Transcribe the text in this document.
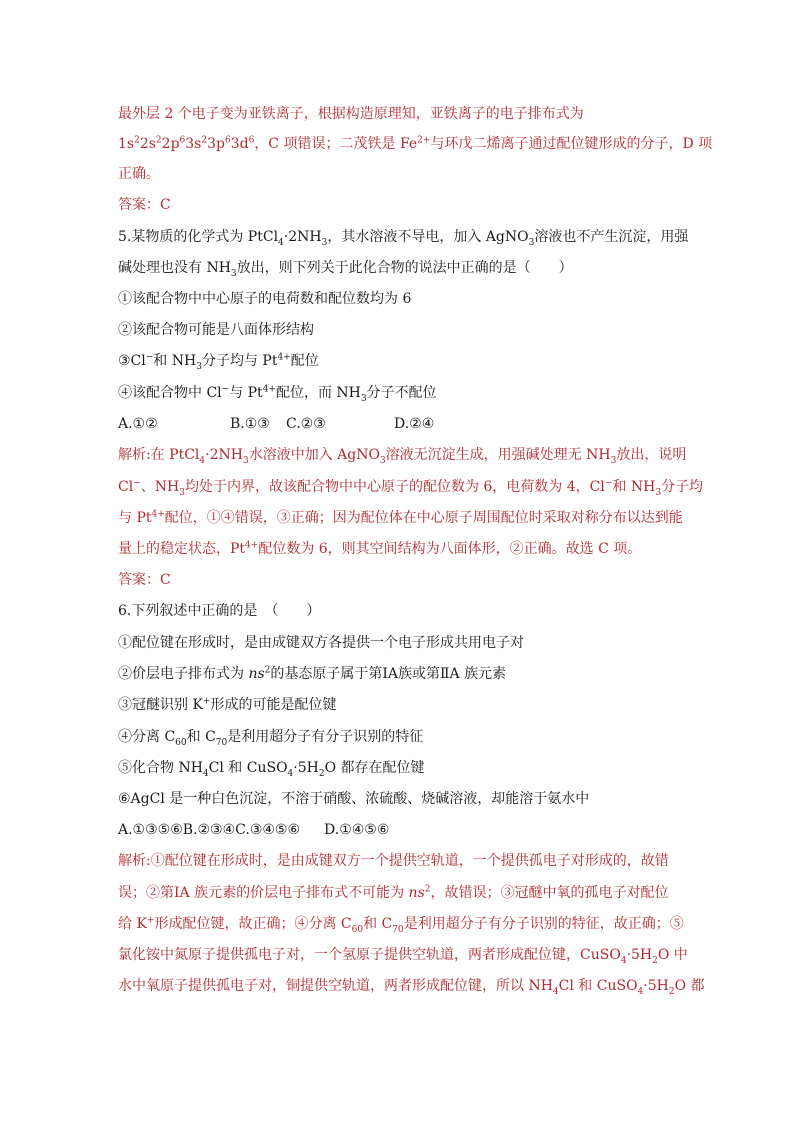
最外层 2 个电子变为亚铁离子，根据构造原理知，亚铁离子的电子排布式为
$1s^22s^22p^63s^23p^63d^6$，C 项错误；二茂铁是 $Fe^{2+}$与环戊二烯离子通过配位键形成的分子，D 项
正确。
答案：C
5.某物质的化学式为 $PtCl_4\cdot 2NH_3$，其水溶液不导电，加入 AgNO$_3$溶液也不产生沉淀，用强
碱处理也没有 $NH_3$放出，则下列关于此化合物的说法中正确的是（　　）
①该配合物中中心原子的电荷数和配位数均为 6
②该配合物可能是八面体形结构
③Cl−和 $NH_3$分子均与 $Pt^{4+}$配位
④该配合物中 Cl−与 $Pt^{4+}$配位，而 $NH_3$分子不配位
A.①②	B.①③ C.②③	D.②④
解析:在 $PtCl_4\cdot 2NH_3$水溶液中加入 AgNO$_3$溶液无沉淀生成，用强碱处理无 $NH_3$放出，说明
Cl−、$NH_3$均处于内界，故该配合物中中心原子的配位数为 6，电荷数为 4，Cl−和 $NH_3$分子均
与 $Pt^{4+}$配位，①④错误，③正确；因为配位体在中心原子周围配位时采取对称分布以达到能
量上的稳定状态，$Pt^{4+}$配位数为 6，则其空间结构为八面体形，②正确。故选 C 项。
答案：C
6.下列叙述中正确的是　（　　）
①配位键在形成时，是由成键双方各提供一个电子形成共用电子对
②价层电子排布式为 $ns^2$的基态原子属于第ⅠA族或第ⅡA 族元素
③冠醚识别 K+形成的可能是配位键
④分离 $C_{60}$和 $C_{70}$是利用超分子有分子识别的特征
⑤化合物 $NH_4Cl$ 和 $CuSO_4\cdot 5H_2O$ 都存在配位键
⑥AgCl 是一种白色沉淀，不溶于硝酸、浓硫酸、烧碱溶液，却能溶于氨水中
A.①③⑤⑥B.②③④C.③④⑤⑥ D.①④⑤⑥
解析:①配位键在形成时，是由成键双方一个提供空轨道，一个提供孤电子对形成的，故错
误；②第ⅠA 族元素的价层电子排布式不可能为 $ns^2$，故错误；③冠醚中氧的孤电子对配位
给 K+形成配位键，故正确；④分离 $C_{60}$和 $C_{70}$是利用超分子有分子识别的特征，故正确；⑤
氯化铵中氮原子提供孤电子对，一个氢原子提供空轨道，两者形成配位键，$CuSO_4\cdot 5H_2O$ 中
水中氧原子提供孤电子对，铜提供空轨道，两者形成配位键，所以 $NH_4Cl$ 和 $CuSO_4\cdot 5H_2O$ 都
